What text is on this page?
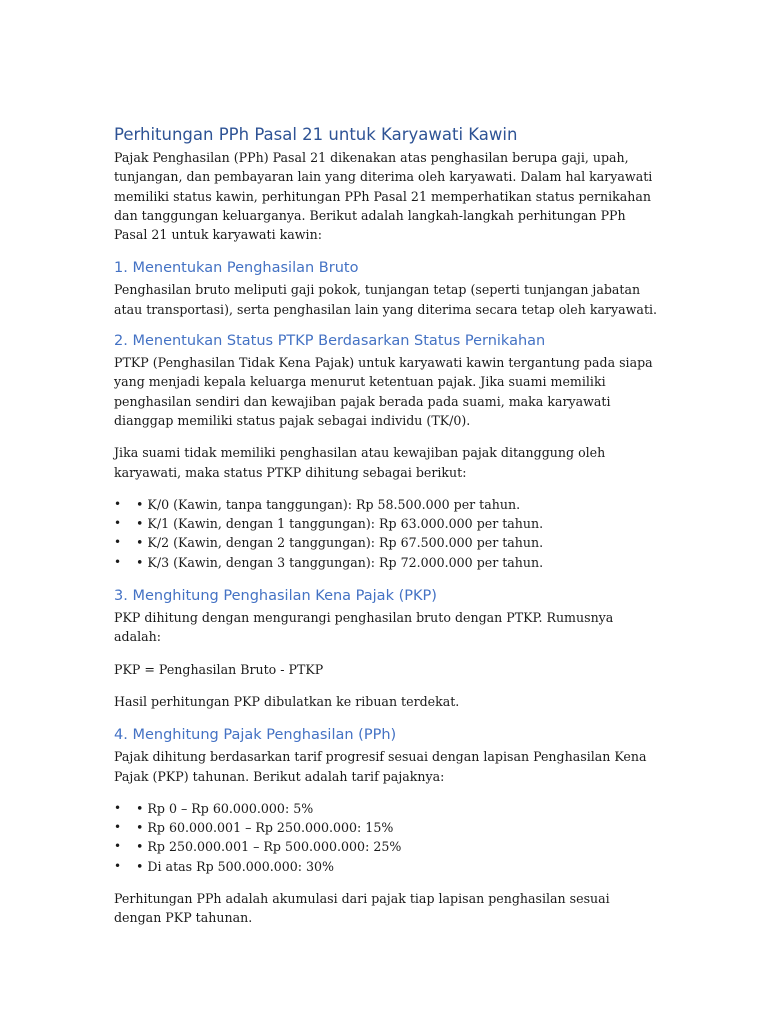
Perhitungan PPh Pasal 21 untuk Karyawati Kawin

Pajak Penghasilan (PPh) Pasal 21 dikenakan atas penghasilan berupa gaji, upah, tunjangan, dan pembayaran lain yang diterima oleh karyawati. Dalam hal karyawati memiliki status kawin, perhitungan PPh Pasal 21 memperhatikan status pernikahan dan tanggungan keluarganya. Berikut adalah langkah-langkah perhitungan PPh Pasal 21 untuk karyawati kawin:

1. Menentukan Penghasilan Bruto

Penghasilan bruto meliputi gaji pokok, tunjangan tetap (seperti tunjangan jabatan atau transportasi), serta penghasilan lain yang diterima secara tetap oleh karyawati.

2. Menentukan Status PTKP Berdasarkan Status Pernikahan

PTKP (Penghasilan Tidak Kena Pajak) untuk karyawati kawin tergantung pada siapa yang menjadi kepala keluarga menurut ketentuan pajak. Jika suami memiliki penghasilan sendiri dan kewajiban pajak berada pada suami, maka karyawati dianggap memiliki status pajak sebagai individu (TK/0).

Jika suami tidak memiliki penghasilan atau kewajiban pajak ditanggung oleh karyawati, maka status PTKP dihitung sebagai berikut:

• • K/0 (Kawin, tanpa tanggungan): Rp 58.500.000 per tahun.
• • K/1 (Kawin, dengan 1 tanggungan): Rp 63.000.000 per tahun.
• • K/2 (Kawin, dengan 2 tanggungan): Rp 67.500.000 per tahun.
• • K/3 (Kawin, dengan 3 tanggungan): Rp 72.000.000 per tahun.
3. Menghitung Penghasilan Kena Pajak (PKP)

PKP dihitung dengan mengurangi penghasilan bruto dengan PTKP. Rumusnya adalah:

PKP = Penghasilan Bruto - PTKP

Hasil perhitungan PKP dibulatkan ke ribuan terdekat.

4. Menghitung Pajak Penghasilan (PPh)

Pajak dihitung berdasarkan tarif progresif sesuai dengan lapisan Penghasilan Kena Pajak (PKP) tahunan. Berikut adalah tarif pajaknya:

• • Rp 0 – Rp 60.000.000: 5%
• • Rp 60.000.001 – Rp 250.000.000: 15%
• • Rp 250.000.001 – Rp 500.000.000: 25%
• • Di atas Rp 500.000.000: 30%

Perhitungan PPh adalah akumulasi dari pajak tiap lapisan penghasilan sesuai dengan PKP tahunan.
